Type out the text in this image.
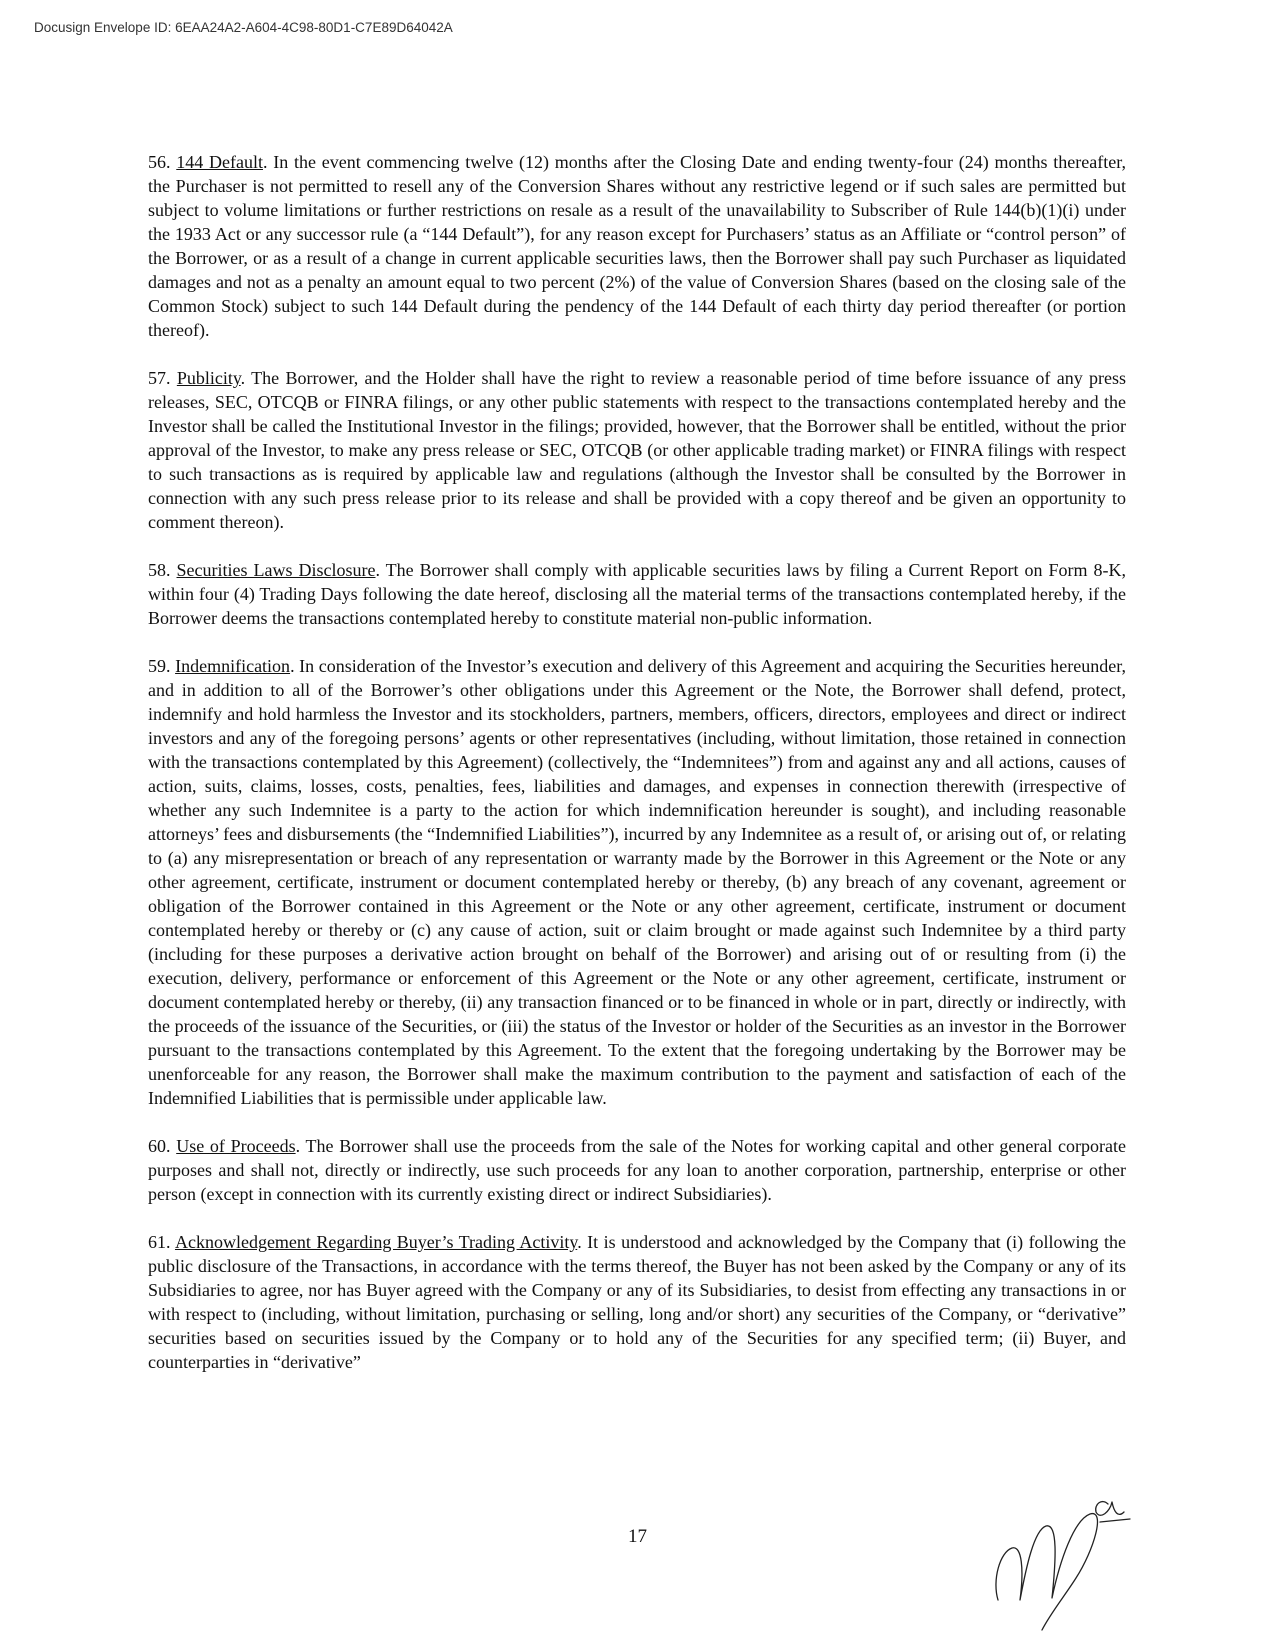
Docusign Envelope ID: 6EAA24A2-A604-4C98-80D1-C7E89D64042A

56. 144 Default. In the event commencing twelve (12) months after the Closing Date and ending twenty-four (24) months thereafter, the Purchaser is not permitted to resell any of the Conversion Shares without any restrictive legend or if such sales are permitted but subject to volume limitations or further restrictions on resale as a result of the unavailability to Subscriber of Rule 144(b)(1)(i) under the 1933 Act or any successor rule (a “144 Default”), for any reason except for Purchasers’ status as an Affiliate or “control person” of the Borrower, or as a result of a change in current applicable securities laws, then the Borrower shall pay such Purchaser as liquidated damages and not as a penalty an amount equal to two percent (2%) of the value of Conversion Shares (based on the closing sale of the Common Stock) subject to such 144 Default during the pendency of the 144 Default of each thirty day period thereafter (or portion thereof).

57. Publicity. The Borrower, and the Holder shall have the right to review a reasonable period of time before issuance of any press releases, SEC, OTCQB or FINRA filings, or any other public statements with respect to the transactions contemplated hereby and the Investor shall be called the Institutional Investor in the filings; provided, however, that the Borrower shall be entitled, without the prior approval of the Investor, to make any press release or SEC, OTCQB (or other applicable trading market) or FINRA filings with respect to such transactions as is required by applicable law and regulations (although the Investor shall be consulted by the Borrower in connection with any such press release prior to its release and shall be provided with a copy thereof and be given an opportunity to comment thereon).

58. Securities Laws Disclosure. The Borrower shall comply with applicable securities laws by filing a Current Report on Form 8-K, within four (4) Trading Days following the date hereof, disclosing all the material terms of the transactions contemplated hereby, if the Borrower deems the transactions contemplated hereby to constitute material non-public information.

59. Indemnification. In consideration of the Investor’s execution and delivery of this Agreement and acquiring the Securities hereunder, and in addition to all of the Borrower’s other obligations under this Agreement or the Note, the Borrower shall defend, protect, indemnify and hold harmless the Investor and its stockholders, partners, members, officers, directors, employees and direct or indirect investors and any of the foregoing persons’ agents or other representatives (including, without limitation, those retained in connection with the transactions contemplated by this Agreement) (collectively, the “Indemnitees”) from and against any and all actions, causes of action, suits, claims, losses, costs, penalties, fees, liabilities and damages, and expenses in connection therewith (irrespective of whether any such Indemnitee is a party to the action for which indemnification hereunder is sought), and including reasonable attorneys’ fees and disbursements (the “Indemnified Liabilities”), incurred by any Indemnitee as a result of, or arising out of, or relating to (a) any misrepresentation or breach of any representation or warranty made by the Borrower in this Agreement or the Note or any other agreement, certificate, instrument or document contemplated hereby or thereby, (b) any breach of any covenant, agreement or obligation of the Borrower contained in this Agreement or the Note or any other agreement, certificate, instrument or document contemplated hereby or thereby or (c) any cause of action, suit or claim brought or made against such Indemnitee by a third party (including for these purposes a derivative action brought on behalf of the Borrower) and arising out of or resulting from (i) the execution, delivery, performance or enforcement of this Agreement or the Note or any other agreement, certificate, instrument or document contemplated hereby or thereby, (ii) any transaction financed or to be financed in whole or in part, directly or indirectly, with the proceeds of the issuance of the Securities, or (iii) the status of the Investor or holder of the Securities as an investor in the Borrower pursuant to the transactions contemplated by this Agreement. To the extent that the foregoing undertaking by the Borrower may be unenforceable for any reason, the Borrower shall make the maximum contribution to the payment and satisfaction of each of the Indemnified Liabilities that is permissible under applicable law.

60. Use of Proceeds. The Borrower shall use the proceeds from the sale of the Notes for working capital and other general corporate purposes and shall not, directly or indirectly, use such proceeds for any loan to another corporation, partnership, enterprise or other person (except in connection with its currently existing direct or indirect Subsidiaries).

61. Acknowledgement Regarding Buyer’s Trading Activity. It is understood and acknowledged by the Company that (i) following the public disclosure of the Transactions, in accordance with the terms thereof, the Buyer has not been asked by the Company or any of its Subsidiaries to agree, nor has Buyer agreed with the Company or any of its Subsidiaries, to desist from effecting any transactions in or with respect to (including, without limitation, purchasing or selling, long and/or short) any securities of the Company, or “derivative” securities based on securities issued by the Company or to hold any of the Securities for any specified term; (ii) Buyer, and counterparties in “derivative”

17
